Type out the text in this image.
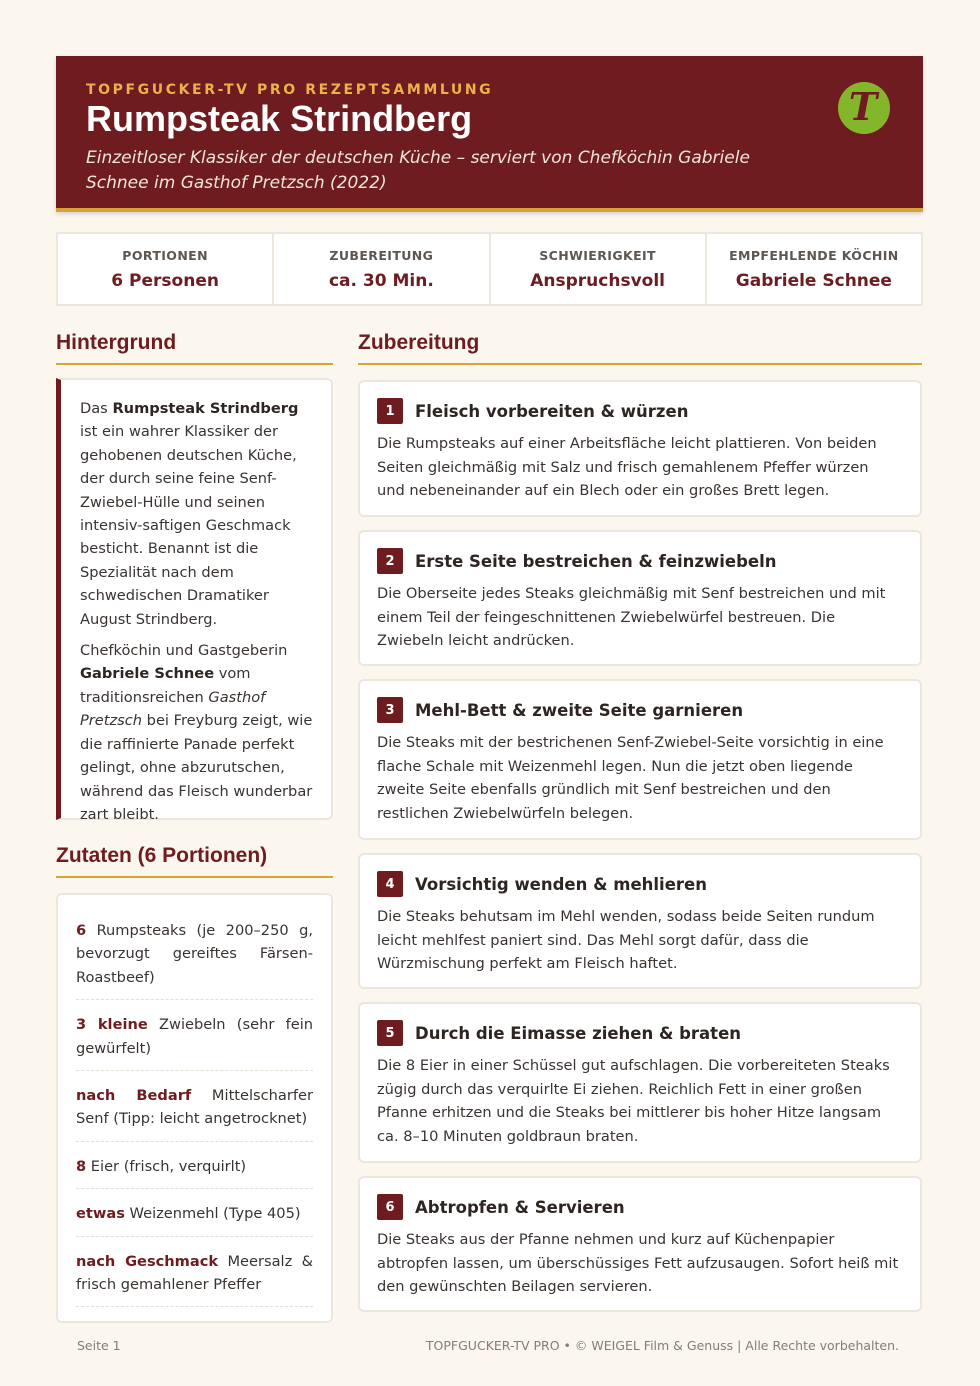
TOPFGUCKER-TV PRO REZEPTSAMMLUNG
Rumpsteak Strindberg
Einzeitloser Klassiker der deutschen Küche – serviert von Chefköchin Gabriele Schnee im Gasthof Pretzsch (2022)
T
PORTIONEN
6 Personen
ZUBEREITUNG
ca. 30 Min.
SCHWIERIGKEIT
Anspruchsvoll
EMPFEHLENDE KÖCHIN
Gabriele Schnee
Hintergrund

Das Rumpsteak Strindberg ist ein wahrer Klassiker der gehobenen deutschen Küche, der durch seine feine Senf-Zwiebel-Hülle und seinen intensiv-saftigen Geschmack besticht. Benannt ist die Spezialität nach dem schwedischen Dramatiker August Strindberg.

Chefköchin und Gastgeberin Gabriele Schnee vom traditionsreichen Gasthof Pretzsch bei Freyburg zeigt, wie die raffinierte Panade perfekt gelingt, ohne abzurutschen, während das Fleisch wunderbar zart bleibt.

Zutaten (6 Portionen)
6 Rumpsteaks (je 200–250 g, bevorzugt gereiftes Färsen-Roastbeef)
3 kleine Zwiebeln (sehr fein gewürfelt)
nach Bedarf Mittelscharfer Senf (Tipp: leicht angetrocknet)
8 Eier (frisch, verquirlt)
etwas Weizenmehl (Type 405)
nach Geschmack Meersalz & frisch gemahlener Pfeffer
Zubereitung
1	Fleisch vorbereiten & würzen
Die Rumpsteaks auf einer Arbeitsfläche leicht plattieren. Von beiden Seiten gleichmäßig mit Salz und frisch gemahlenem Pfeffer würzen und nebeneinander auf ein Blech oder ein großes Brett legen.
2	Erste Seite bestreichen & feinzwiebeln
Die Oberseite jedes Steaks gleichmäßig mit Senf bestreichen und mit einem Teil der feingeschnittenen Zwiebelwürfel bestreuen. Die Zwiebeln leicht andrücken.
3	Mehl-Bett & zweite Seite garnieren
Die Steaks mit der bestrichenen Senf-Zwiebel-Seite vorsichtig in eine flache Schale mit Weizenmehl legen. Nun die jetzt oben liegende zweite Seite ebenfalls gründlich mit Senf bestreichen und den restlichen Zwiebelwürfeln belegen.
4	Vorsichtig wenden & mehlieren
Die Steaks behutsam im Mehl wenden, sodass beide Seiten rundum leicht mehlfest paniert sind. Das Mehl sorgt dafür, dass die Würzmischung perfekt am Fleisch haftet.
5	Durch die Eimasse ziehen & braten
Die 8 Eier in einer Schüssel gut aufschlagen. Die vorbereiteten Steaks zügig durch das verquirlte Ei ziehen. Reichlich Fett in einer großen Pfanne erhitzen und die Steaks bei mittlerer bis hoher Hitze langsam ca. 8–10 Minuten goldbraun braten.
6	Abtropfen & Servieren
Die Steaks aus der Pfanne nehmen und kurz auf Küchenpapier abtropfen lassen, um überschüssiges Fett aufzusaugen. Sofort heiß mit den gewünschten Beilagen servieren.
Seite 1	TOPFGUCKER-TV PRO • © WEIGEL Film & Genuss | Alle Rechte vorbehalten.
